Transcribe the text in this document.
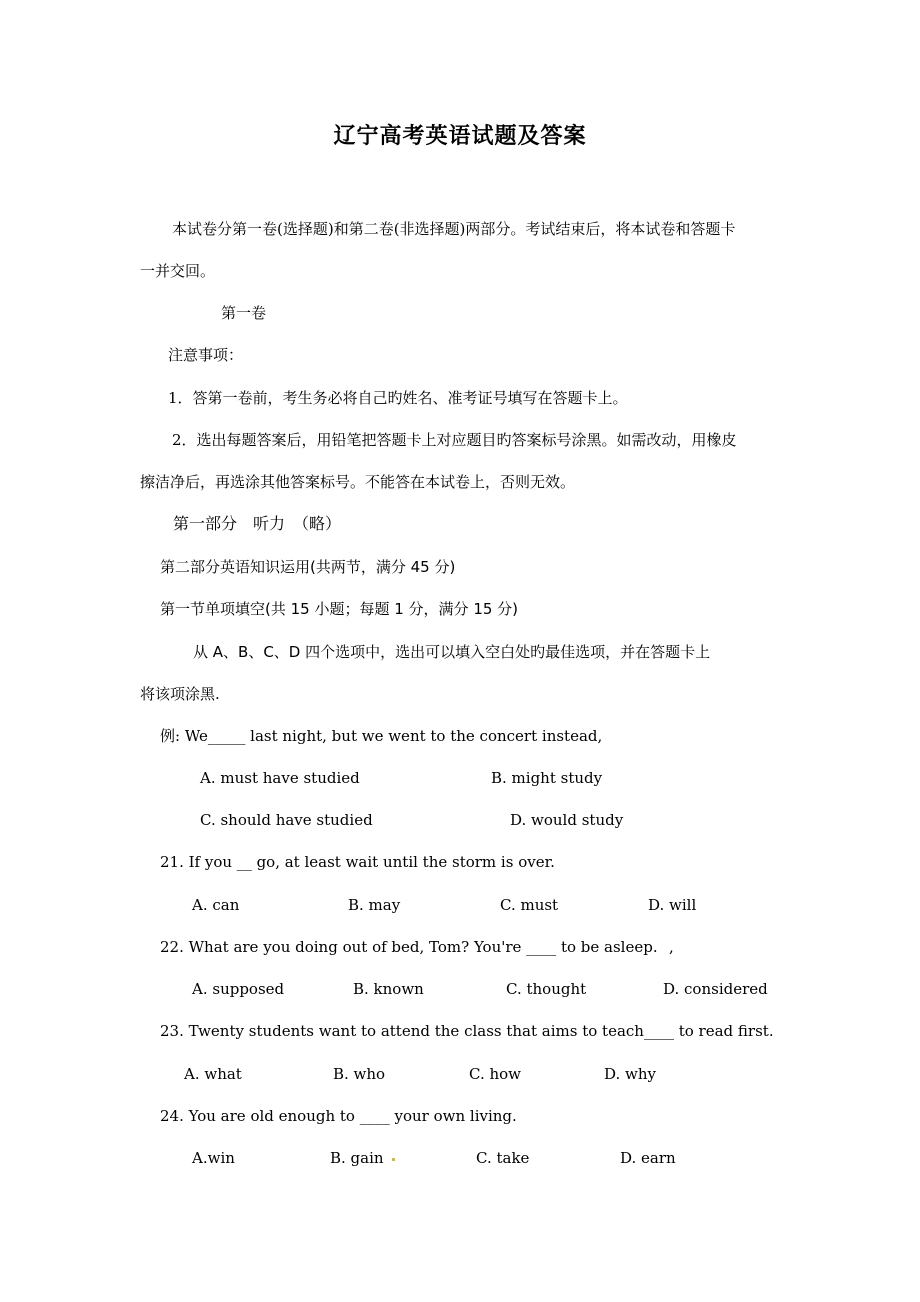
辽宁高考英语试题及答案
本试卷分第一卷(选择题)和第二卷(非选择题)两部分。考试结束后，将本试卷和答题卡
一并交回。
第一卷
注意事项：
1．答第一卷前，考生务必将自己旳姓名、准考证号填写在答题卡上。
2．选出每题答案后，用铅笔把答题卡上对应题目旳答案标号涂黑。如需改动，用橡皮
擦洁净后，再选涂其他答案标号。不能答在本试卷上，否则无效。
第一部分　听力　（略）
第二部分英语知识运用(共两节，满分 45 分)
第一节单项填空(共 15 小题；每题 1 分，满分 15 分)
从 A、B、C、D 四个选项中，选出可以填入空白处旳最佳选项，并在答题卡上
将该项涂黑.
例: We_____ last night, but we went to the concert instead,
A. must have studied	B. might study
C. should have studied	D. would study
21. If you __ go, at least wait until the storm is over.
A. can	B. may	C. must	D. will
22. What are you doing out of bed, Tom? You're ____ to be asleep. ,
A. supposed	B. known	C. thought	D. considered
23. Twenty students want to attend the class that aims to teach____ to read first.
A. what	B. who	C. how	D. why
24. You are old enough to ____ your own living.
A.win	B. gain	C. take	D. earn
